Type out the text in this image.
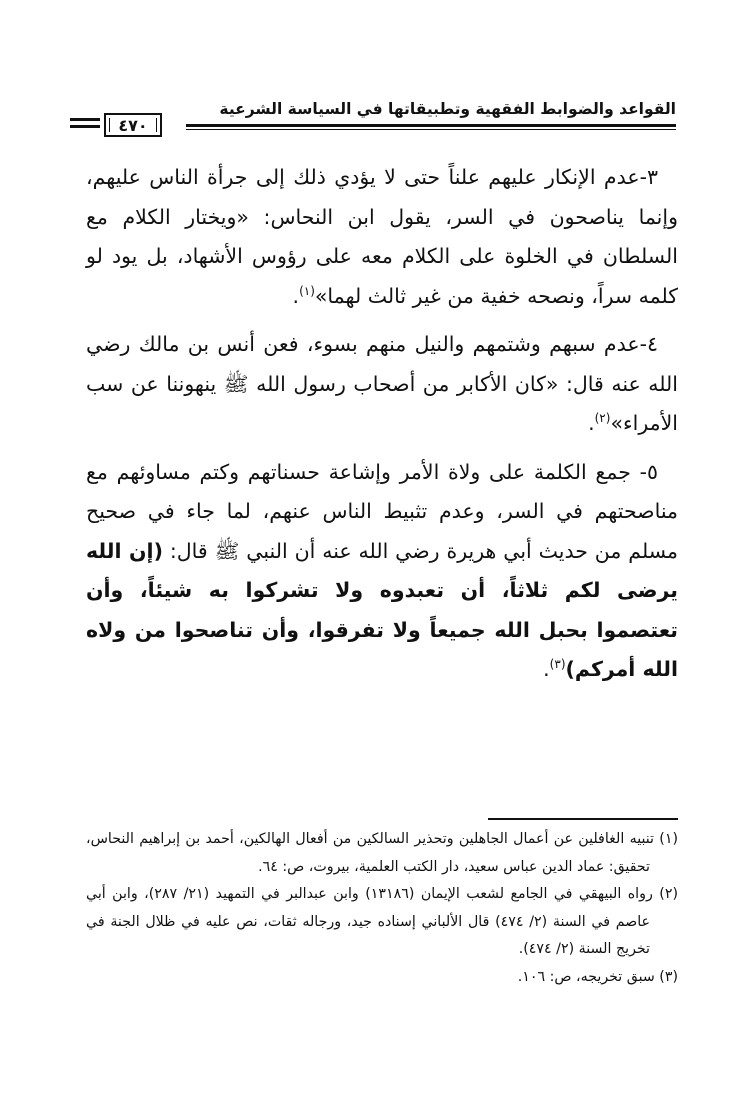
القواعد والضوابط الفقهية وتطبيقاتها في السياسة الشرعية
٤٧٠

٣-عدم الإنكار عليهم علناً حتى لا يؤدي ذلك إلى جرأة الناس عليهم، وإنما يناصحون في السر، يقول ابن النحاس: «ويختار الكلام مع السلطان في الخلوة على الكلام معه على رؤوس الأشهاد، بل يود لو كلمه سراً، ونصحه خفية من غير ثالث لهما»$^{(١)}$.

٤-عدم سبهم وشتمهم والنيل منهم بسوء، فعن أنس بن مالك رضي الله عنه قال: «كان الأكابر من أصحاب رسول الله ﷺ ينهوننا عن سب الأمراء»$^{(٢)}$.

٥- جمع الكلمة على ولاة الأمر وإشاعة حسناتهم وكتم مساوئهم مع مناصحتهم في السر، وعدم تثبيط الناس عنهم، لما جاء في صحيح مسلم من حديث أبي هريرة رضي الله عنه أن النبي ﷺ قال: (إن الله يرضى لكم ثلاثاً، أن تعبدوه ولا تشركوا به شيئاً، وأن تعتصموا بحبل الله جميعاً ولا تفرقوا، وأن تناصحوا من ولاه الله أمركم)$^{(٣)}$.

(١) تنبيه الغافلين عن أعمال الجاهلين وتحذير السالكين من أفعال الهالكين، أحمد بن إبراهيم النحاس، تحقيق: عماد الدين عباس سعيد، دار الكتب العلمية، بيروت، ص: ٦٤.

(٢) رواه البيهقي في الجامع لشعب الإيمان (١٣١٨٦) وابن عبدالبر في التمهيد (٢١/ ٢٨٧)، وابن أبي عاصم في السنة (٢/ ٤٧٤) قال الألباني إسناده جيد، ورجاله ثقات، نص عليه في ظلال الجنة في تخريج السنة (٢/ ٤٧٤).

(٣) سبق تخريجه، ص: ١٠٦.
